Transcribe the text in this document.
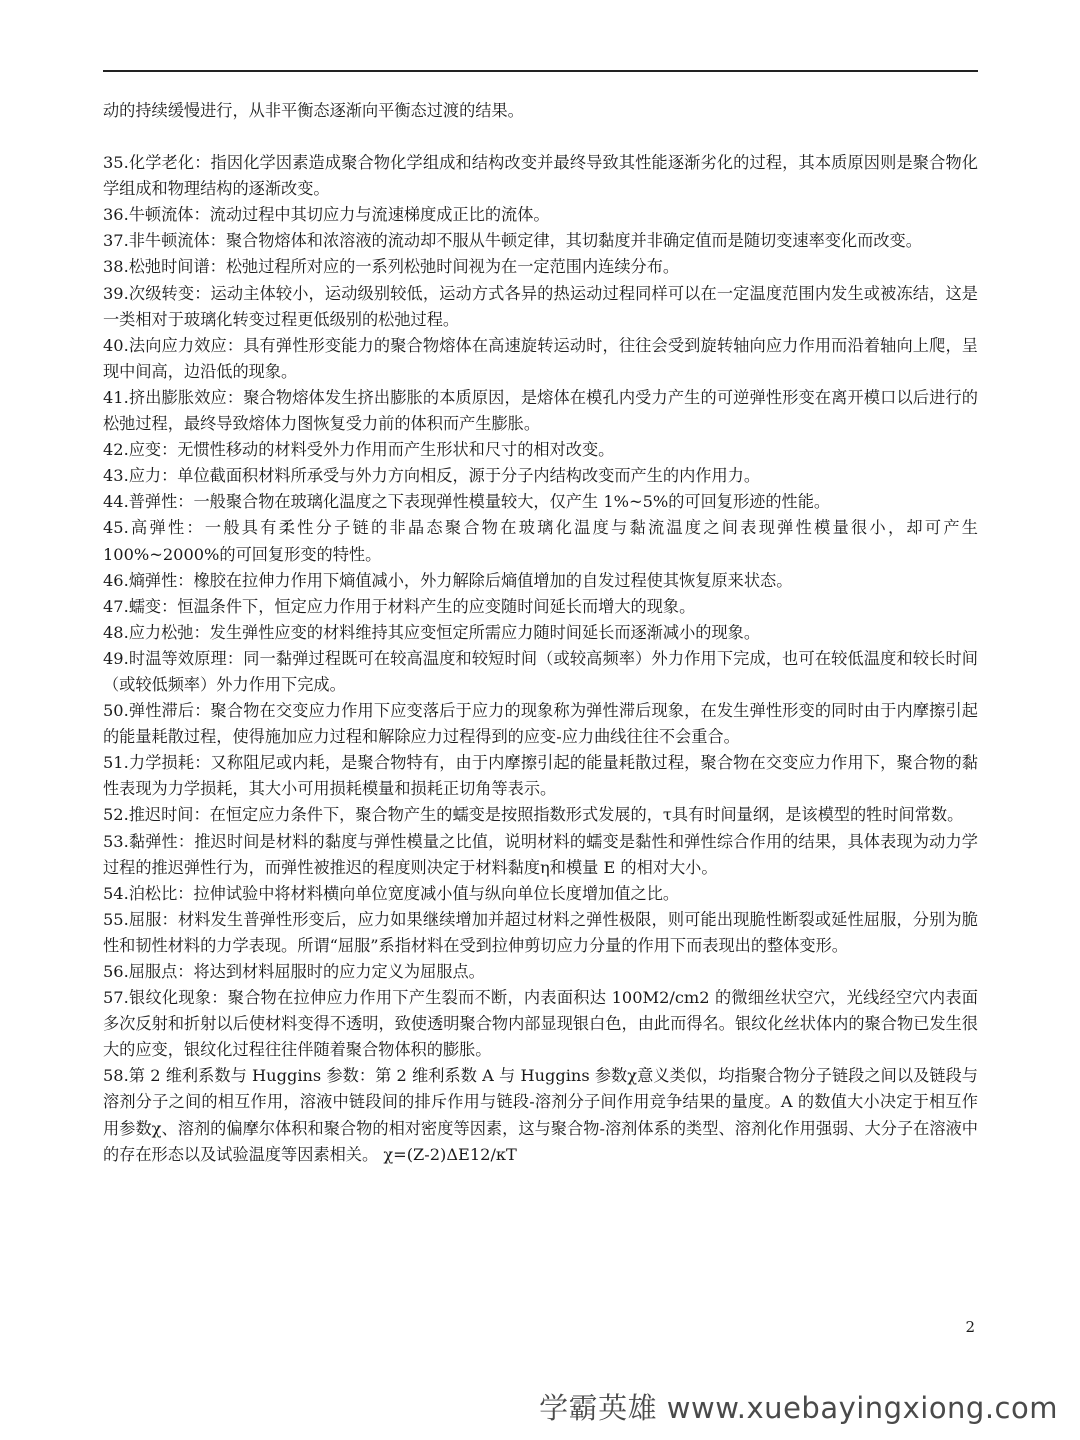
动的持续缓慢进行，从非平衡态逐渐向平衡态过渡的结果。

35.化学老化：指因化学因素造成聚合物化学组成和结构改变并最终导致其性能逐渐劣化的过程，其本质原因则是聚合物化学组成和物理结构的逐渐改变。

36.牛顿流体：流动过程中其切应力与流速梯度成正比的流体。

37.非牛顿流体：聚合物熔体和浓溶液的流动却不服从牛顿定律，其切黏度并非确定值而是随切变速率变化而改变。

38.松弛时间谱：松弛过程所对应的一系列松弛时间视为在一定范围内连续分布。

39.次级转变：运动主体较小，运动级别较低，运动方式各异的热运动过程同样可以在一定温度范围内发生或被冻结，这是一类相对于玻璃化转变过程更低级别的松弛过程。

40.法向应力效应：具有弹性形变能力的聚合物熔体在高速旋转运动时，往往会受到旋转轴向应力作用而沿着轴向上爬，呈现中间高，边沿低的现象。

41.挤出膨胀效应：聚合物熔体发生挤出膨胀的本质原因，是熔体在模孔内受力产生的可逆弹性形变在离开模口以后进行的松弛过程，最终导致熔体力图恢复受力前的体积而产生膨胀。

42.应变：无惯性移动的材料受外力作用而产生形状和尺寸的相对改变。

43.应力：单位截面积材料所承受与外力方向相反，源于分子内结构改变而产生的内作用力。

44.普弹性：一般聚合物在玻璃化温度之下表现弹性模量较大，仅产生 1%~5%的可回复形迹的性能。

45.高弹性：一般具有柔性分子链的非晶态聚合物在玻璃化温度与黏流温度之间表现弹性模量很小，却可产生100%~2000%的可回复形变的特性。

46.熵弹性：橡胶在拉伸力作用下熵值减小，外力解除后熵值增加的自发过程使其恢复原来状态。

47.蠕变：恒温条件下，恒定应力作用于材料产生的应变随时间延长而增大的现象。

48.应力松弛：发生弹性应变的材料维持其应变恒定所需应力随时间延长而逐渐减小的现象。

49.时温等效原理：同一黏弹过程既可在较高温度和较短时间（或较高频率）外力作用下完成，也可在较低温度和较长时间（或较低频率）外力作用下完成。

50.弹性滞后：聚合物在交变应力作用下应变落后于应力的现象称为弹性滞后现象，在发生弹性形变的同时由于内摩擦引起的能量耗散过程，使得施加应力过程和解除应力过程得到的应变-应力曲线往往不会重合。

51.力学损耗：又称阻尼或内耗，是聚合物特有，由于内摩擦引起的能量耗散过程，聚合物在交变应力作用下，聚合物的黏性表现为力学损耗，其大小可用损耗模量和损耗正切角等表示。

52.推迟时间：在恒定应力条件下，聚合物产生的蠕变是按照指数形式发展的，τ具有时间量纲，是该模型的牲时间常数。

53.黏弹性：推迟时间是材料的黏度与弹性模量之比值，说明材料的蠕变是黏性和弹性综合作用的结果，具体表现为动力学过程的推迟弹性行为，而弹性被推迟的程度则决定于材料黏度η和模量 E 的相对大小。

54.泊松比：拉伸试验中将材料横向单位宽度减小值与纵向单位长度增加值之比。

55.屈服：材料发生普弹性形变后，应力如果继续增加并超过材料之弹性极限，则可能出现脆性断裂或延性屈服，分别为脆性和韧性材料的力学表现。所谓“屈服”系指材料在受到拉伸剪切应力分量的作用下而表现出的整体变形。

56.屈服点：将达到材料屈服时的应力定义为屈服点。

57.银纹化现象：聚合物在拉伸应力作用下产生裂而不断，内表面积达 100M2/cm2 的微细丝状空穴，光线经空穴内表面多次反射和折射以后使材料变得不透明，致使透明聚合物内部显现银白色，由此而得名。银纹化丝状体内的聚合物已发生很大的应变，银纹化过程往往伴随着聚合物体积的膨胀。

58.第 2 维利系数与 Huggins 参数：第 2 维利系数 A 与 Huggins 参数χ意义类似，均指聚合物分子链段之间以及链段与溶剂分子之间的相互作用，溶液中链段间的排斥作用与链段-溶剂分子间作用竞争结果的量度。A 的数值大小决定于相互作用参数χ、溶剂的偏摩尔体积和聚合物的相对密度等因素，这与聚合物-溶剂体系的类型、溶剂化作用强弱、大分子在溶液中的存在形态以及试验温度等因素相关。 χ=(Z-2)ΔE12/κT

2
学霸英雄 www.xuebayingxiong.com
